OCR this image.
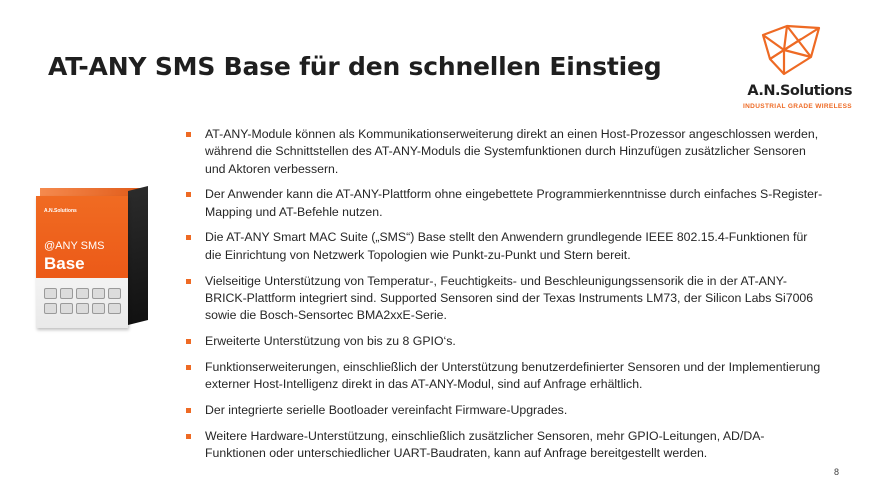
AT-ANY SMS Base für den schnellen Einstieg
A.N.Solutions
INDUSTRIAL GRADE WIRELESS
A.N.Solutions
@ANY SMS
Base
AT-ANY-Module können als Kommunikationserweiterung direkt an einen Host-Prozessor angeschlossen werden, während die Schnittstellen des AT-ANY-Moduls die Systemfunktionen durch Hinzufügen zusätzlicher Sensoren und Aktoren verbessern.
Der Anwender kann die AT-ANY-Plattform ohne eingebettete Programmierkenntnisse durch einfaches S-Register-Mapping und AT-Befehle nutzen.
Die AT-ANY Smart MAC Suite („SMS“) Base stellt den Anwendern grundlegende IEEE 802.15.4-Funktionen für die Einrichtung von Netzwerk Topologien wie Punkt-zu-Punkt und Stern bereit.
Vielseitige Unterstützung von Temperatur-, Feuchtigkeits- und Beschleunigungssensorik die in der AT-ANY-BRICK-Plattform integriert sind. Supported Sensoren sind der Texas Instruments LM73, der Silicon Labs Si7006 sowie die Bosch-Sensortec BMA2xxE-Serie.
Erweiterte Unterstützung von bis zu 8 GPIO‘s.
Funktionserweiterungen, einschließlich der Unterstützung benutzerdefinierter Sensoren und der Implementierung externer Host-Intelligenz direkt in das AT-ANY-Modul, sind auf Anfrage erhältlich.
Der integrierte serielle Bootloader vereinfacht Firmware-Upgrades.
Weitere Hardware-Unterstützung, einschließlich zusätzlicher Sensoren, mehr GPIO-Leitungen, AD/DA-Funktionen oder unterschiedlicher UART-Baudraten, kann auf Anfrage bereitgestellt werden.
8
